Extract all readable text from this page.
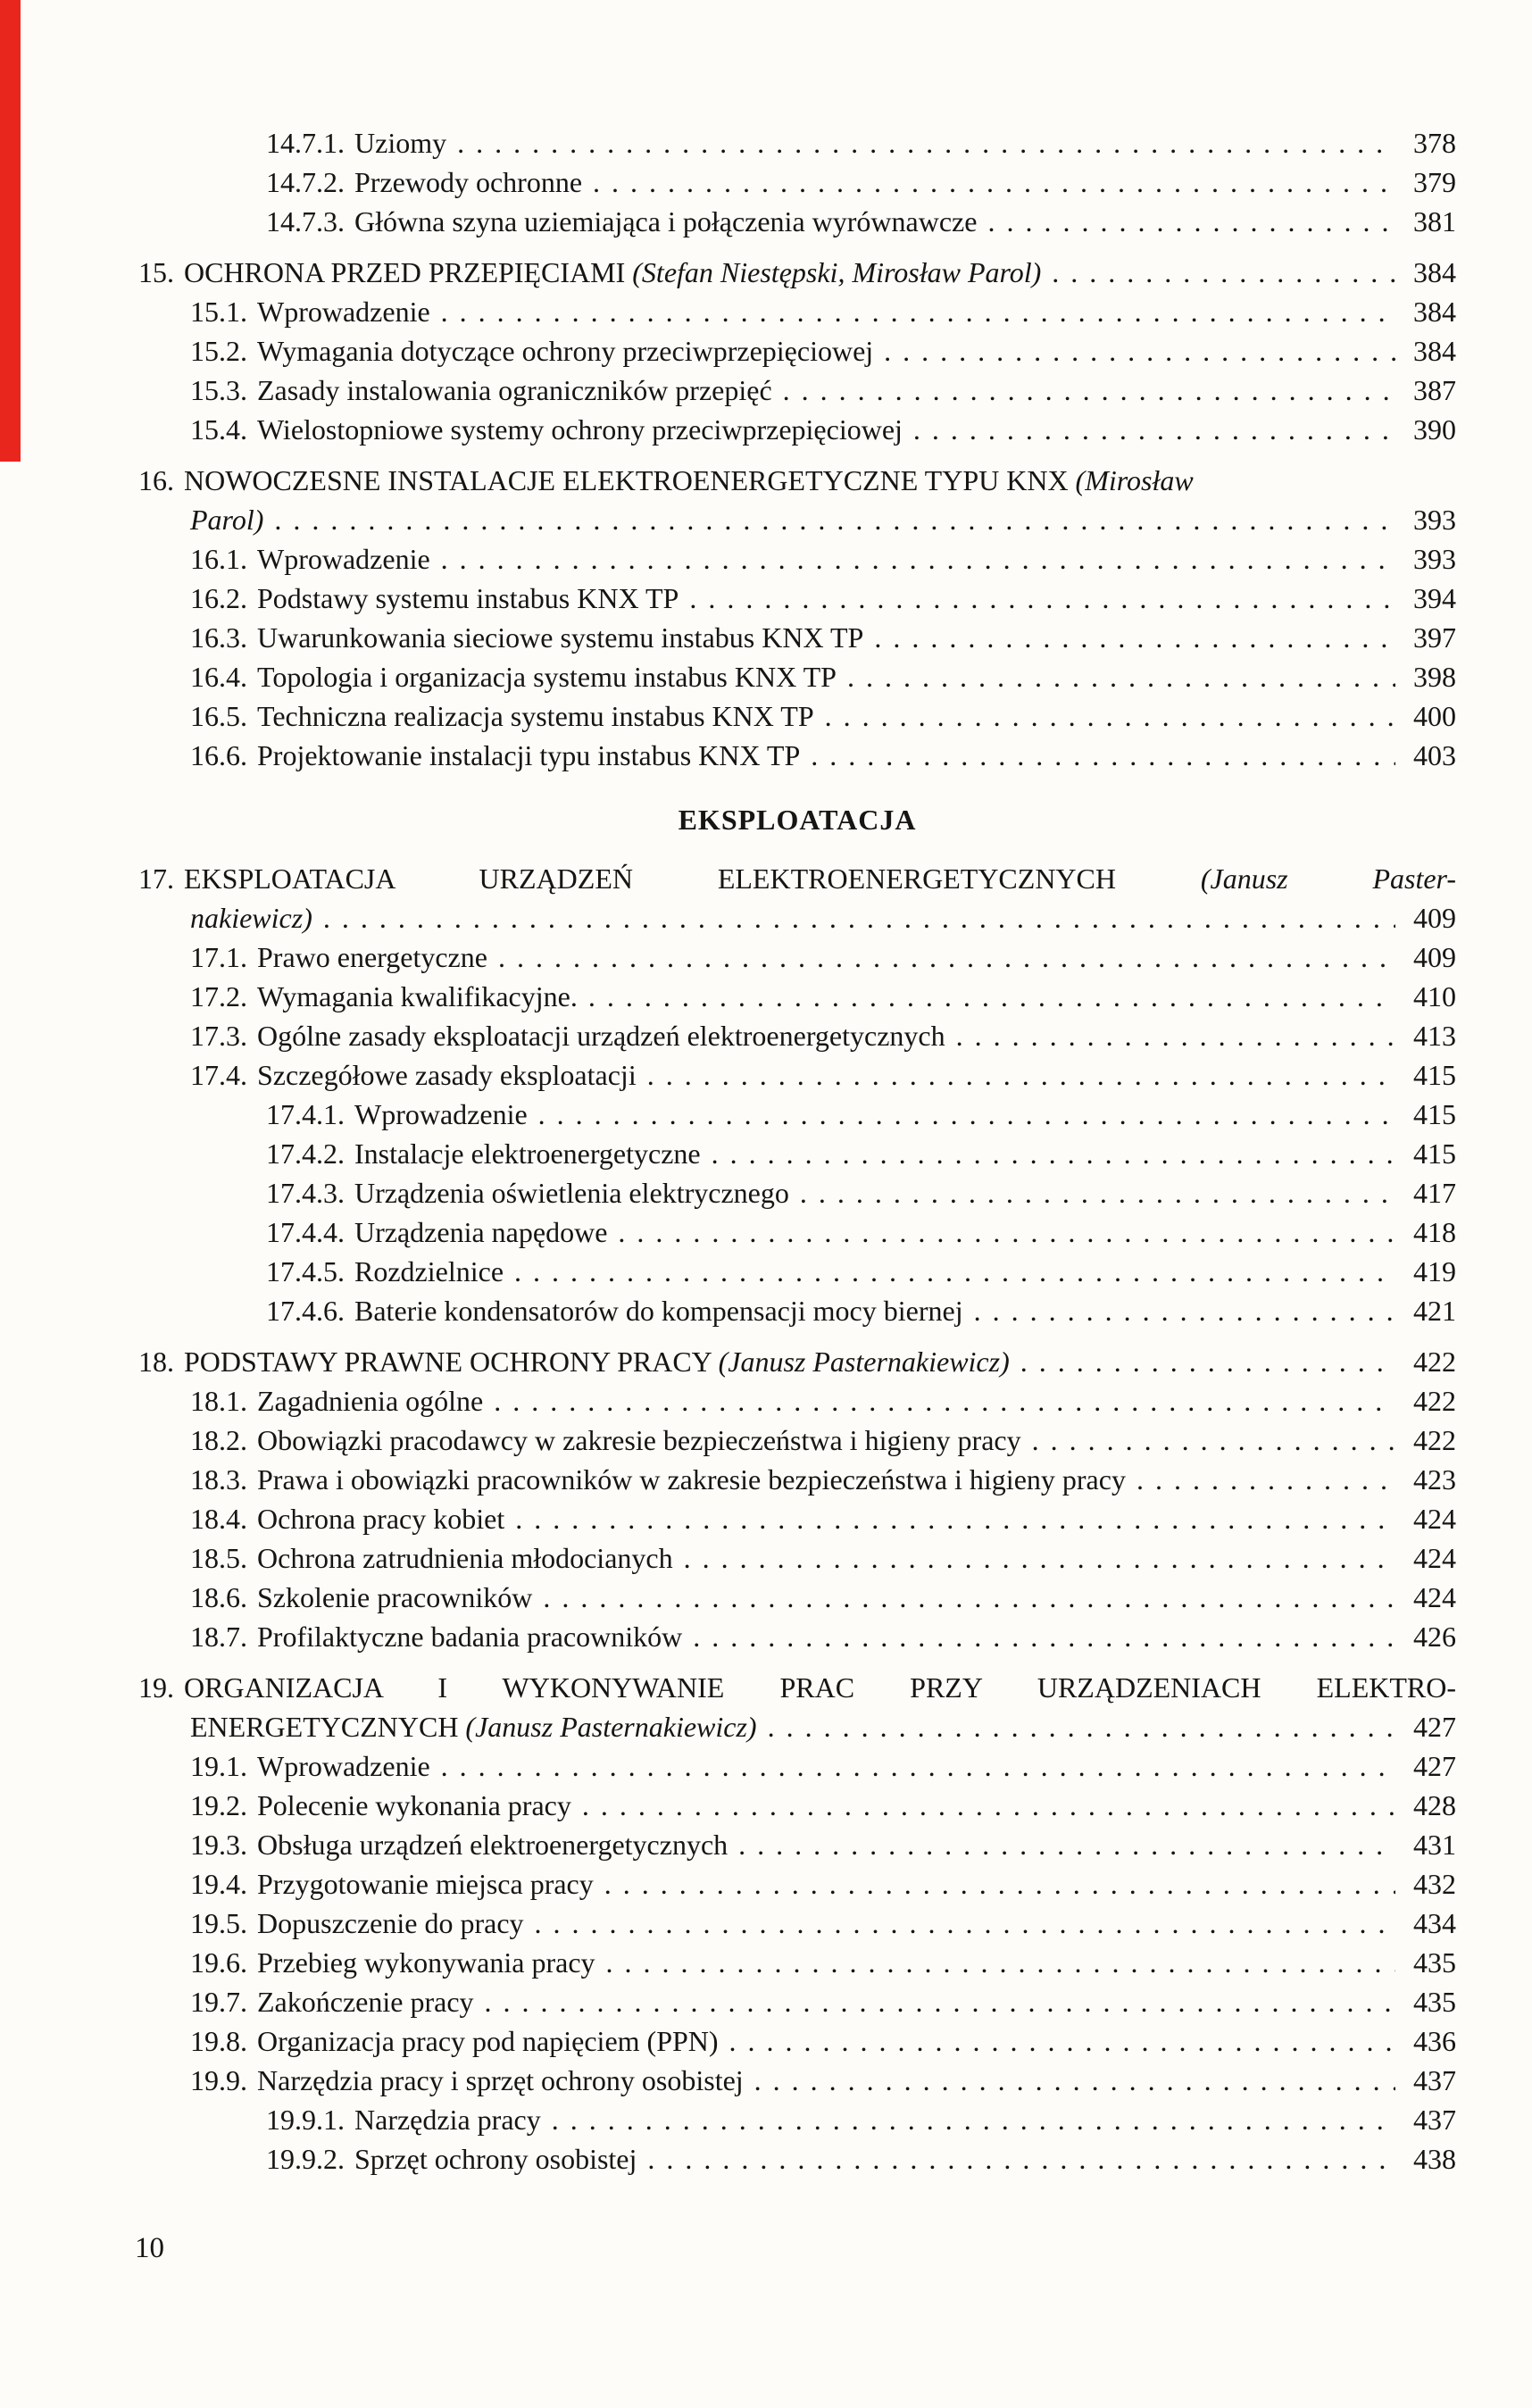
14.7.1. Uziomy .....	378
14.7.2. Przewody ochronne .....	379
14.7.3. Główna szyna uziemiająca i połączenia wyrównawcze .....	381
15. OCHRONA PRZED PRZEPIĘCIAMI (Stefan Niestępski, Mirosław Parol) .....	384
15.1. Wprowadzenie .....	384
15.2. Wymagania dotyczące ochrony przeciwprzepięciowej .....	384
15.3. Zasady instalowania ograniczników przepięć .....	387
15.4. Wielostopniowe systemy ochrony przeciwprzepięciowej .....	390
16. NOWOCZESNE INSTALACJE ELEKTROENERGETYCZNE TYPU KNX (Mirosław
Parol) .....	393
16.1. Wprowadzenie .....	393
16.2. Podstawy systemu instabus KNX TP .....	394
16.3. Uwarunkowania sieciowe systemu instabus KNX TP .....	397
16.4. Topologia i organizacja systemu instabus KNX TP .....	398
16.5. Techniczna realizacja systemu instabus KNX TP .....	400
16.6. Projektowanie instalacji typu instabus KNX TP .....	403
EKSPLOATACJA
17. EKSPLOATACJA URZĄDZEŃ ELEKTROENERGETYCZNYCH (Janusz Paster-
nakiewicz) .....	409
17.1. Prawo energetyczne .....	409
17.2. Wymagania kwalifikacyjne. .....	410
17.3. Ogólne zasady eksploatacji urządzeń elektroenergetycznych .....	413
17.4. Szczegółowe zasady eksploatacji .....	415
17.4.1. Wprowadzenie .....	415
17.4.2. Instalacje elektroenergetyczne .....	415
17.4.3. Urządzenia oświetlenia elektrycznego .....	417
17.4.4. Urządzenia napędowe .....	418
17.4.5. Rozdzielnice .....	419
17.4.6. Baterie kondensatorów do kompensacji mocy biernej .....	421
18. PODSTAWY PRAWNE OCHRONY PRACY (Janusz Pasternakiewicz) .....	422
18.1. Zagadnienia ogólne .....	422
18.2. Obowiązki pracodawcy w zakresie bezpieczeństwa i higieny pracy .....	422
18.3. Prawa i obowiązki pracowników w zakresie bezpieczeństwa i higieny pracy .....	423
18.4. Ochrona pracy kobiet .....	424
18.5. Ochrona zatrudnienia młodocianych .....	424
18.6. Szkolenie pracowników .....	424
18.7. Profilaktyczne badania pracowników .....	426
19. ORGANIZACJA I WYKONYWANIE PRAC PRZY URZĄDZENIACH ELEKTRO-
ENERGETYCZNYCH (Janusz Pasternakiewicz) .....	427
19.1. Wprowadzenie .....	427
19.2. Polecenie wykonania pracy .....	428
19.3. Obsługa urządzeń elektroenergetycznych .....	431
19.4. Przygotowanie miejsca pracy .....	432
19.5. Dopuszczenie do pracy .....	434
19.6. Przebieg wykonywania pracy .....	435
19.7. Zakończenie pracy .....	435
19.8. Organizacja pracy pod napięciem (PPN) .....	436
19.9. Narzędzia pracy i sprzęt ochrony osobistej .....	437
19.9.1. Narzędzia pracy .....	437
19.9.2. Sprzęt ochrony osobistej .....	438
10
